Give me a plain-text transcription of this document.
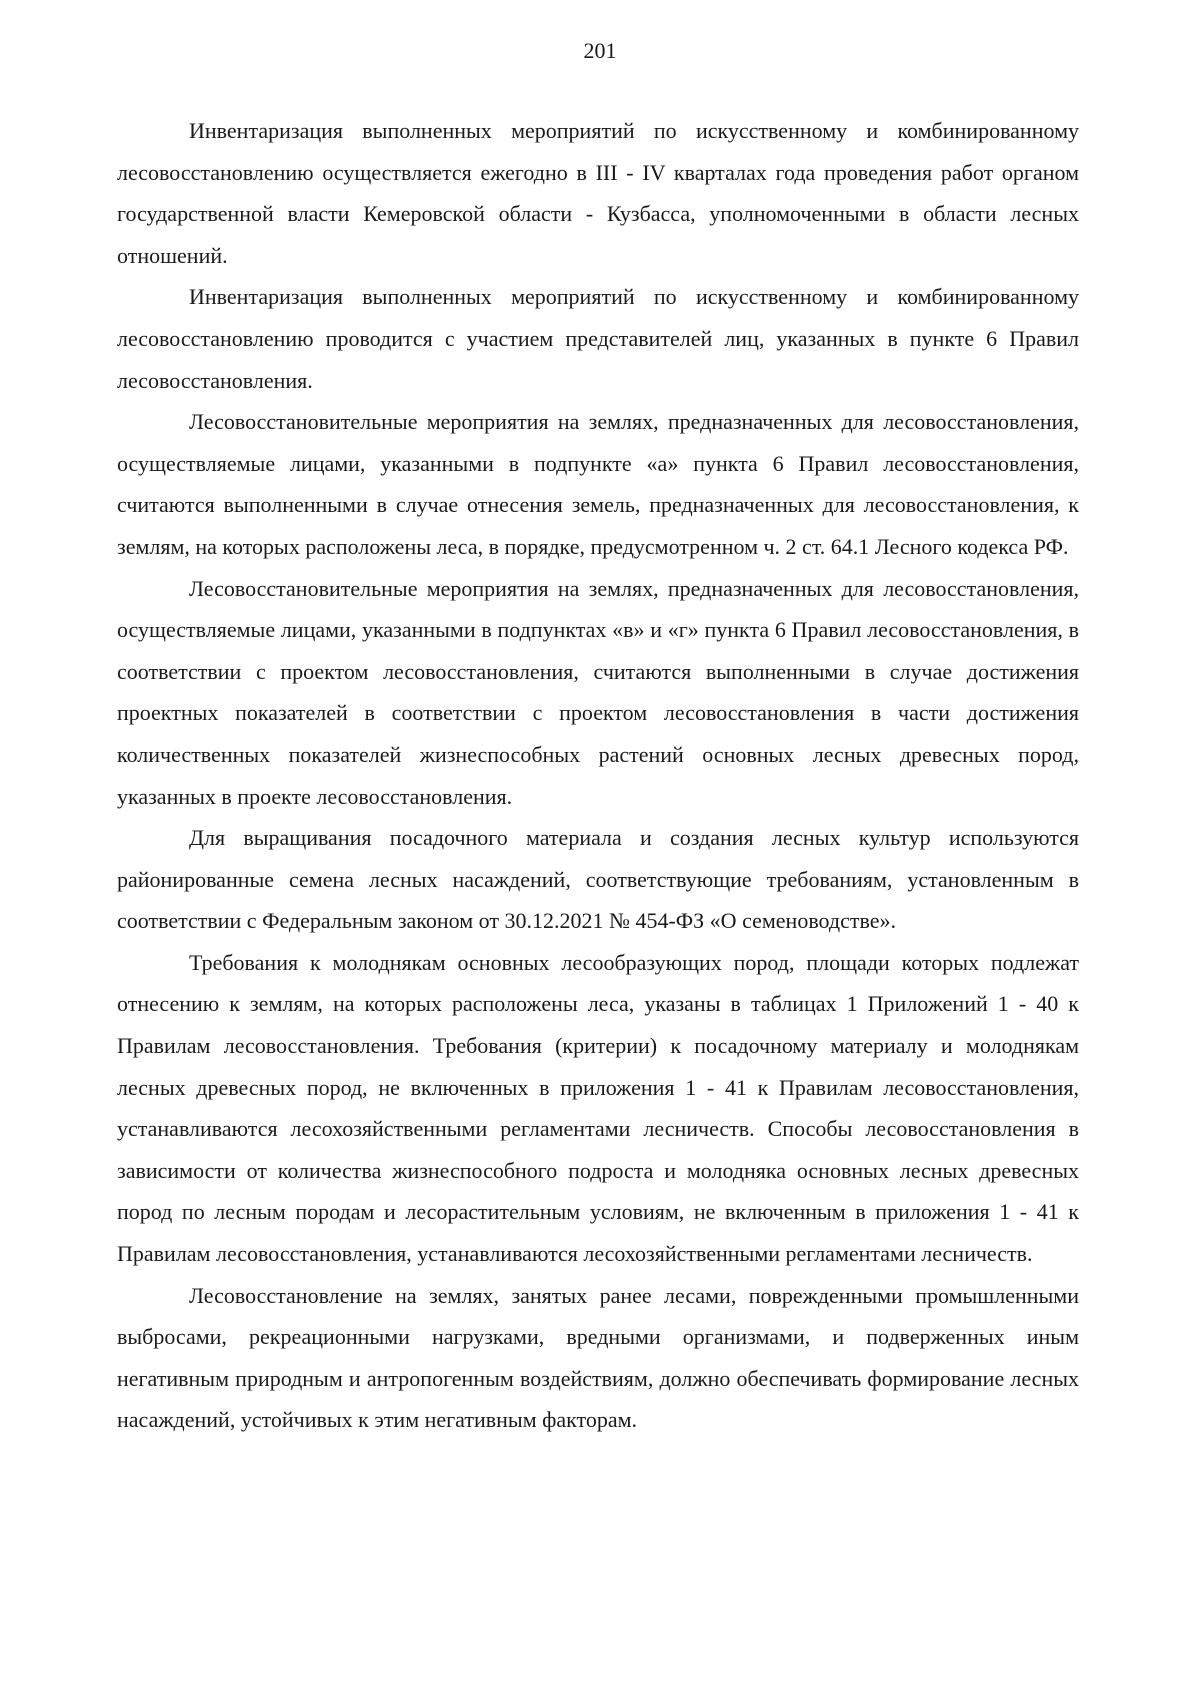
201

Инвентаризация выполненных мероприятий по искусственному и комбинированному лесовосстановлению осуществляется ежегодно в III - IV кварталах года проведения работ органом государственной власти Кемеровской области - Кузбасса, уполномоченными в области лесных отношений.

Инвентаризация выполненных мероприятий по искусственному и комбинированному лесовосстановлению проводится с участием представителей лиц, указанных в пункте 6 Правил лесовосстановления.

Лесовосстановительные мероприятия на землях, предназначенных для лесовосстановления, осуществляемые лицами, указанными в подпункте «а» пункта 6 Правил лесовосстановления, считаются выполненными в случае отнесения земель, предназначенных для лесовосстановления, к землям, на которых расположены леса, в порядке, предусмотренном ч. 2 ст. 64.1 Лесного кодекса РФ.

Лесовосстановительные мероприятия на землях, предназначенных для лесовосстановления, осуществляемые лицами, указанными в подпунктах «в» и «г» пункта 6 Правил лесовосстановления, в соответствии с проектом лесовосстановления, считаются выполненными в случае достижения проектных показателей в соответствии с проектом лесовосстановления в части достижения количественных показателей жизнеспособных растений основных лесных древесных пород, указанных в проекте лесовосстановления.

Для выращивания посадочного материала и создания лесных культур используются районированные семена лесных насаждений, соответствующие требованиям, установленным в соответствии с Федеральным законом от 30.12.2021 № 454-ФЗ «О семеноводстве».

Требования к молоднякам основных лесообразующих пород, площади которых подлежат отнесению к землям, на которых расположены леса, указаны в таблицах 1 Приложений 1 - 40 к Правилам лесовосстановления. Требования (критерии) к посадочному материалу и молоднякам лесных древесных пород, не включенных в приложения 1 - 41 к Правилам лесовосстановления, устанавливаются лесохозяйственными регламентами лесничеств. Способы лесовосстановления в зависимости от количества жизнеспособного подроста и молодняка основных лесных древесных пород по лесным породам и лесорастительным условиям, не включенным в приложения 1 - 41 к Правилам лесовосстановления, устанавливаются лесохозяйственными регламентами лесничеств.

Лесовосстановление на землях, занятых ранее лесами, поврежденными промышленными выбросами, рекреационными нагрузками, вредными организмами, и подверженных иным негативным природным и антропогенным воздействиям, должно обеспечивать формирование лесных насаждений, устойчивых к этим негативным факторам.
